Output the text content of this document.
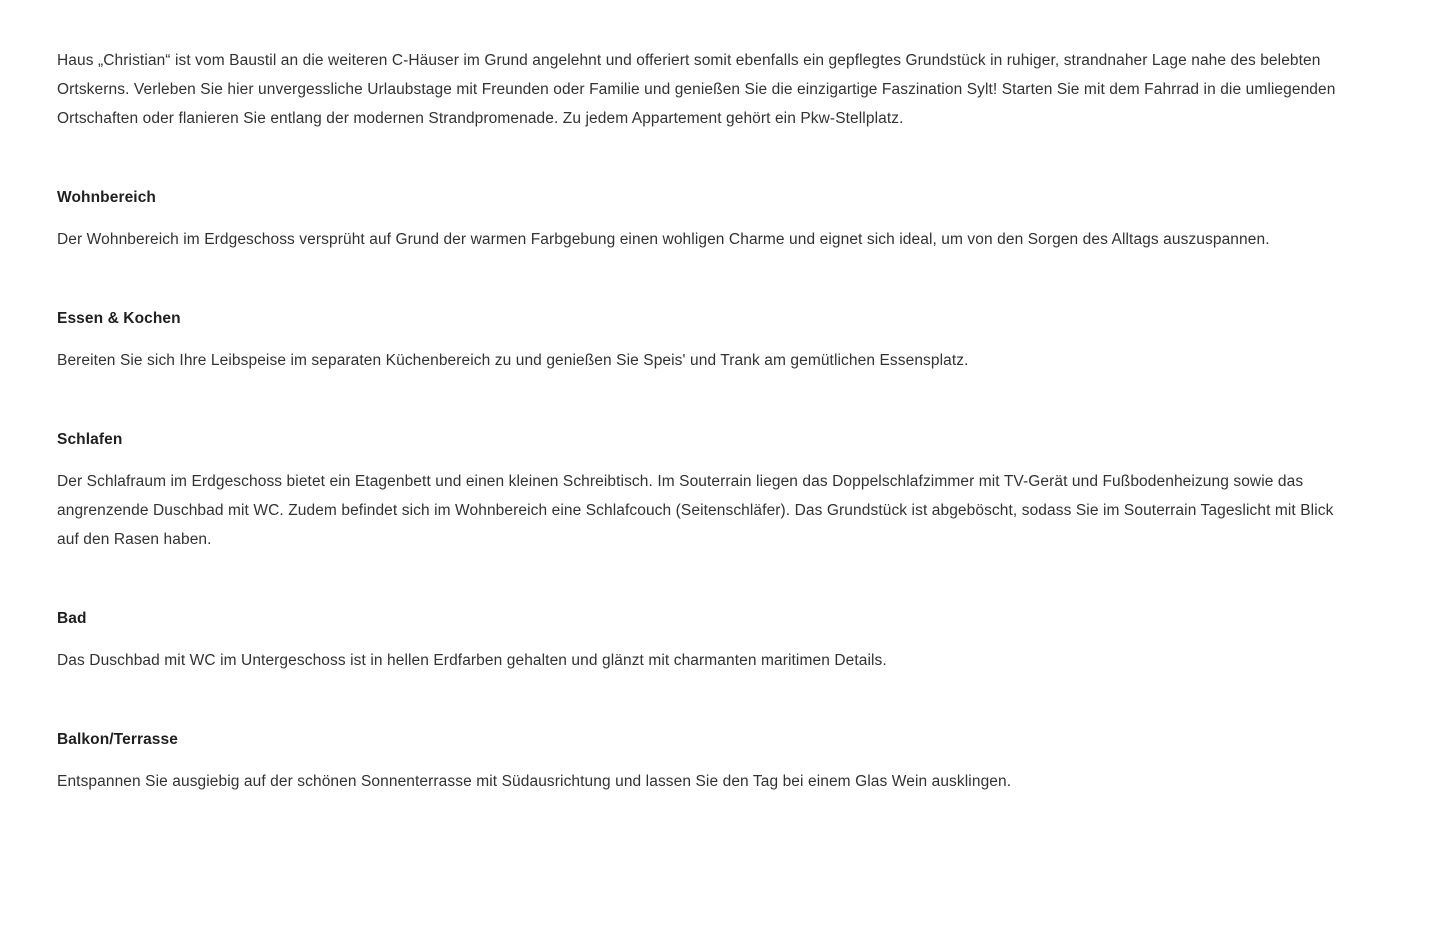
Haus „Christian“ ist vom Baustil an die weiteren C-Häuser im Grund angelehnt und offeriert somit ebenfalls ein gepflegtes Grundstück in ruhiger, strandnaher Lage nahe des belebten Ortskerns. Verleben Sie hier unvergessliche Urlaubstage mit Freunden oder Familie und genießen Sie die einzigartige Faszination Sylt! Starten Sie mit dem Fahrrad in die umliegenden Ortschaften oder flanieren Sie entlang der modernen Strandpromenade. Zu jedem Appartement gehört ein Pkw-Stellplatz.

Wohnbereich

Der Wohnbereich im Erdgeschoss versprüht auf Grund der warmen Farbgebung einen wohligen Charme und eignet sich ideal, um von den Sorgen des Alltags auszuspannen.

Essen & Kochen

Bereiten Sie sich Ihre Leibspeise im separaten Küchenbereich zu und genießen Sie Speis' und Trank am gemütlichen Essensplatz.

Schlafen

Der Schlafraum im Erdgeschoss bietet ein Etagenbett und einen kleinen Schreibtisch. Im Souterrain liegen das Doppelschlafzimmer mit TV-Gerät und Fußbodenheizung sowie das angrenzende Duschbad mit WC. Zudem befindet sich im Wohnbereich eine Schlafcouch (Seitenschläfer). Das Grundstück ist abgeböscht, sodass Sie im Souterrain Tageslicht mit Blick auf den Rasen haben.

Bad

Das Duschbad mit WC im Untergeschoss ist in hellen Erdfarben gehalten und glänzt mit charmanten maritimen Details.

Balkon/Terrasse

Entspannen Sie ausgiebig auf der schönen Sonnenterrasse mit Südausrichtung und lassen Sie den Tag bei einem Glas Wein ausklingen.
